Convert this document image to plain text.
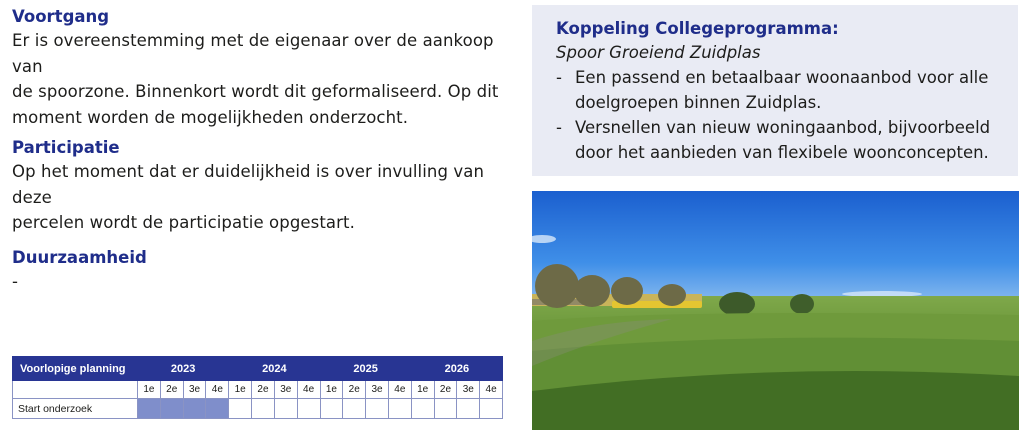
Voortgang
Er is overeenstemming met de eigenaar over de aankoop van
de spoorzone. Binnenkort wordt dit geformaliseerd. Op dit
moment worden de mogelijkheden onderzocht.
Participatie
Op het moment dat er duidelijkheid is over invulling van deze
percelen wordt de participatie opgestart.
Duurzaamheid
-
Koppeling Collegeprogramma:
Spoor Groeiend Zuidplas
- Een passend en betaalbaar woonaanbod voor alle
doelgroepen binnen Zuidplas.
- Versnellen van nieuw woningaanbod, bijvoorbeeld
door het aanbieden van flexibele woonconcepten.
Voorlopige planning	2023				2024				2025				2026			
	1e	2e	3e	4e	1e	2e	3e	4e	1e	2e	3e	4e	1e	2e	3e	4e
Start onderzoek																
